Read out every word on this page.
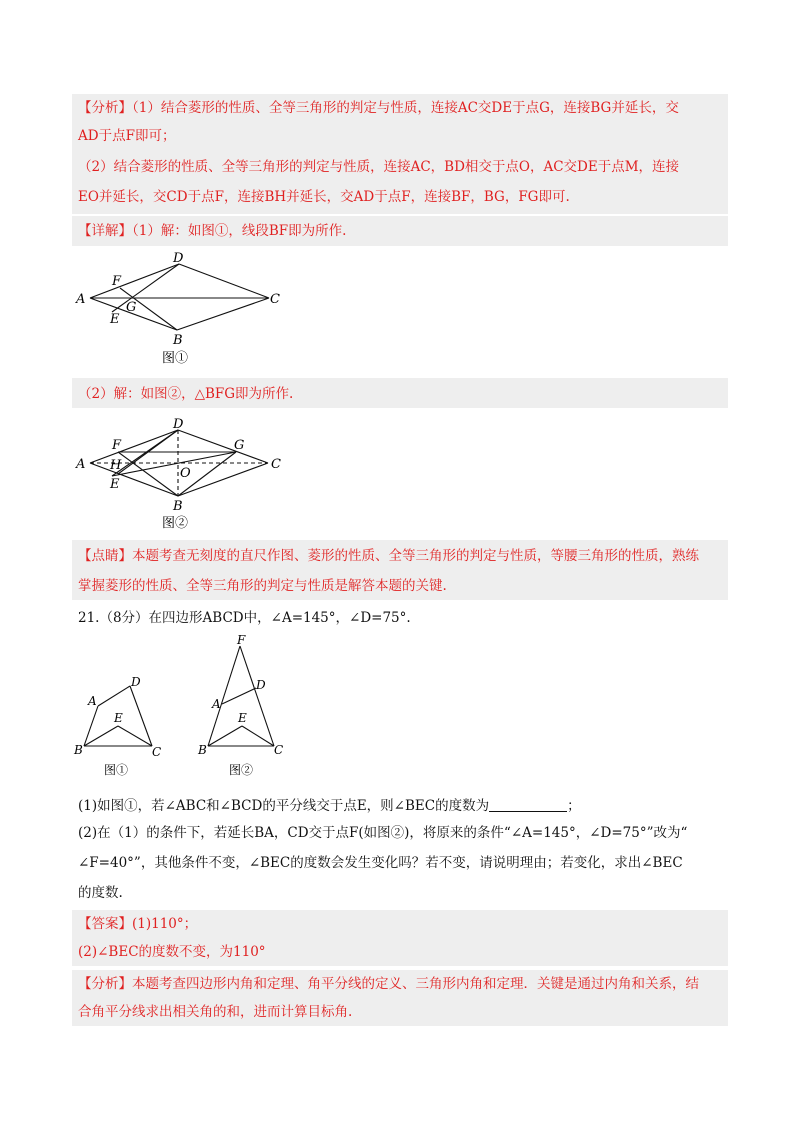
【分析】（1）结合菱形的性质、全等三角形的判定与性质，连接AC交DE于点G，连接BG并延长，交
AD于点F即可；
（2）结合菱形的性质、全等三角形的判定与性质，连接AC，BD相交于点O，AC交DE于点M，连接
EO并延长，交CD于点F，连接BH并延长，交AD于点F，连接BF，BG，FG即可.
【详解】（1）解：如图①，线段BF即为所作.
A
D
C
B
F
E
G
图①
（2）解：如图②，△BFG即为所作.
A
D
C
B
F	G
H
E
O
图②
【点睛】本题考查无刻度的直尺作图、菱形的性质、全等三角形的判定与性质，等腰三角形的性质，熟练
掌握菱形的性质、全等三角形的判定与性质是解答本题的关键.
21.（8分）在四边形ABCD中，∠A=145°，∠D=75°.
A
D
E
B	C
图①
F
D
A
E
B	C
图②
(1)如图①，若∠ABC和∠BCD的平分线交于点E，则∠BEC的度数为	；
(2)在（1）的条件下，若延长BA，CD交于点F(如图②)，将原来的条件“∠A=145°，∠D=75°”改为“
∠F=40°”，其他条件不变，∠BEC的度数会发生变化吗？若不变，请说明理由；若变化，求出∠BEC
的度数.
【答案】(1)110°；
(2)∠BEC的度数不变，为110°
【分析】本题考查四边形内角和定理、角平分线的定义、三角形内角和定理．关键是通过内角和关系，结
合角平分线求出相关角的和，进而计算目标角.
